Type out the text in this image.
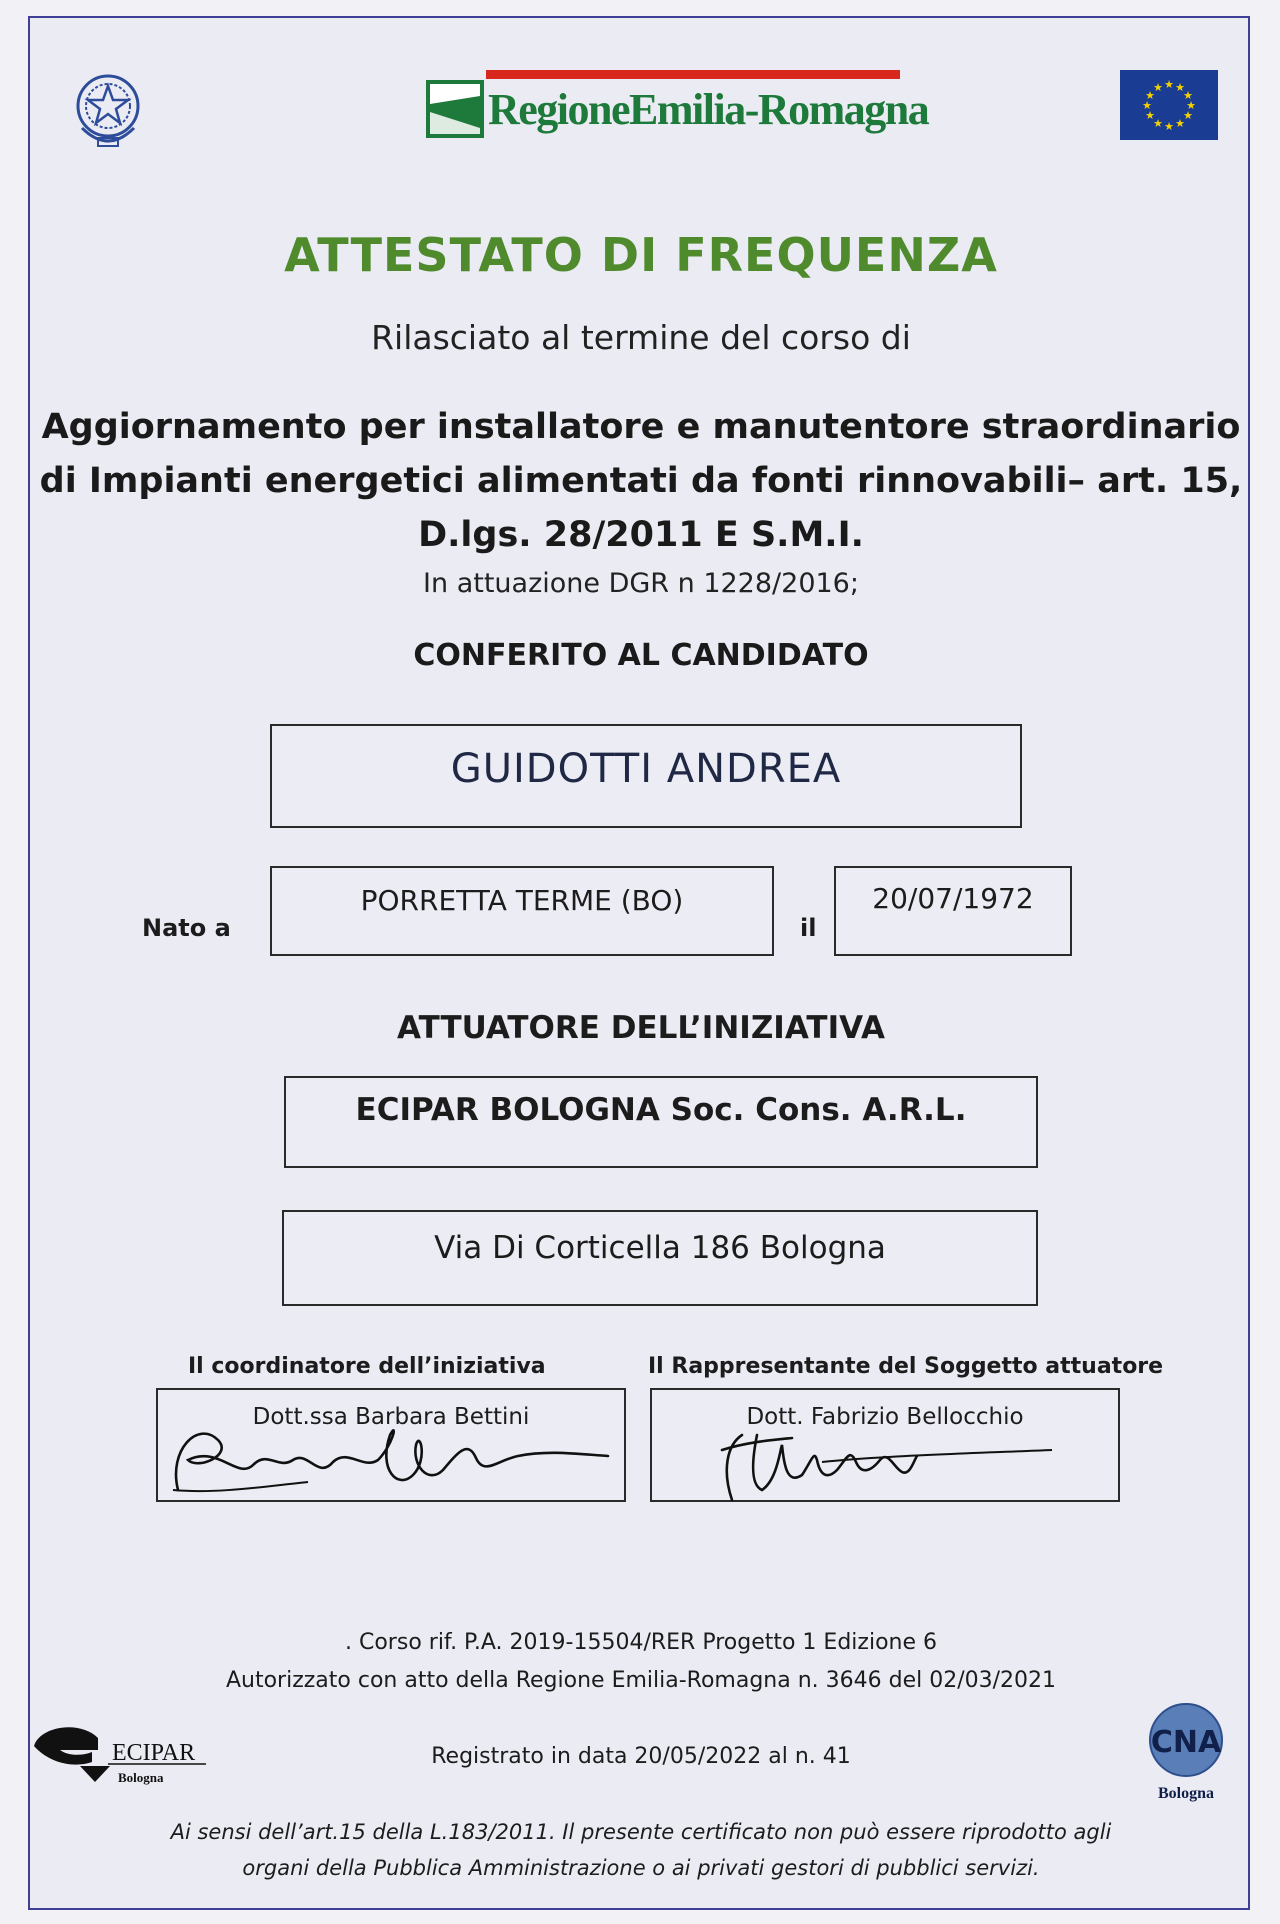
RegioneEmilia-Romagna
★ ★
★
★
★
★
★
★
★
★
★
★
ATTESTATO DI FREQUENZA
Rilasciato al termine del corso di
Aggiornamento per installatore e manutentore straordinario
di Impianti energetici alimentati da fonti rinnovabili– art. 15,
D.lgs. 28/2011 E S.M.I.
In attuazione DGR n 1228/2016;
CONFERITO AL CANDIDATO
GUIDOTTI ANDREA
Nato a
PORRETTA TERME (BO)
il
20/07/1972
ATTUATORE DELL’INIZIATIVA
ECIPAR BOLOGNA Soc. Cons. A.R.L.
Via Di Corticella 186 Bologna
Il coordinatore dell’iniziativa	Il Rappresentante del Soggetto attuatore
Dott.ssa Barbara Bettini	Dott. Fabrizio Bellocchio
. Corso rif. P.A. 2019-15504/RER Progetto 1 Edizione 6
Autorizzato con atto della Regione Emilia-Romagna n. 3646 del 02/03/2021
Registrato in data 20/05/2022 al n. 41
Ai sensi dell’art.15 della L.183/2011. Il presente certificato non può essere riprodotto agli
organi della Pubblica Amministrazione o ai privati gestori di pubblici servizi.
ECIPAR
Bologna
CNA
Bologna
